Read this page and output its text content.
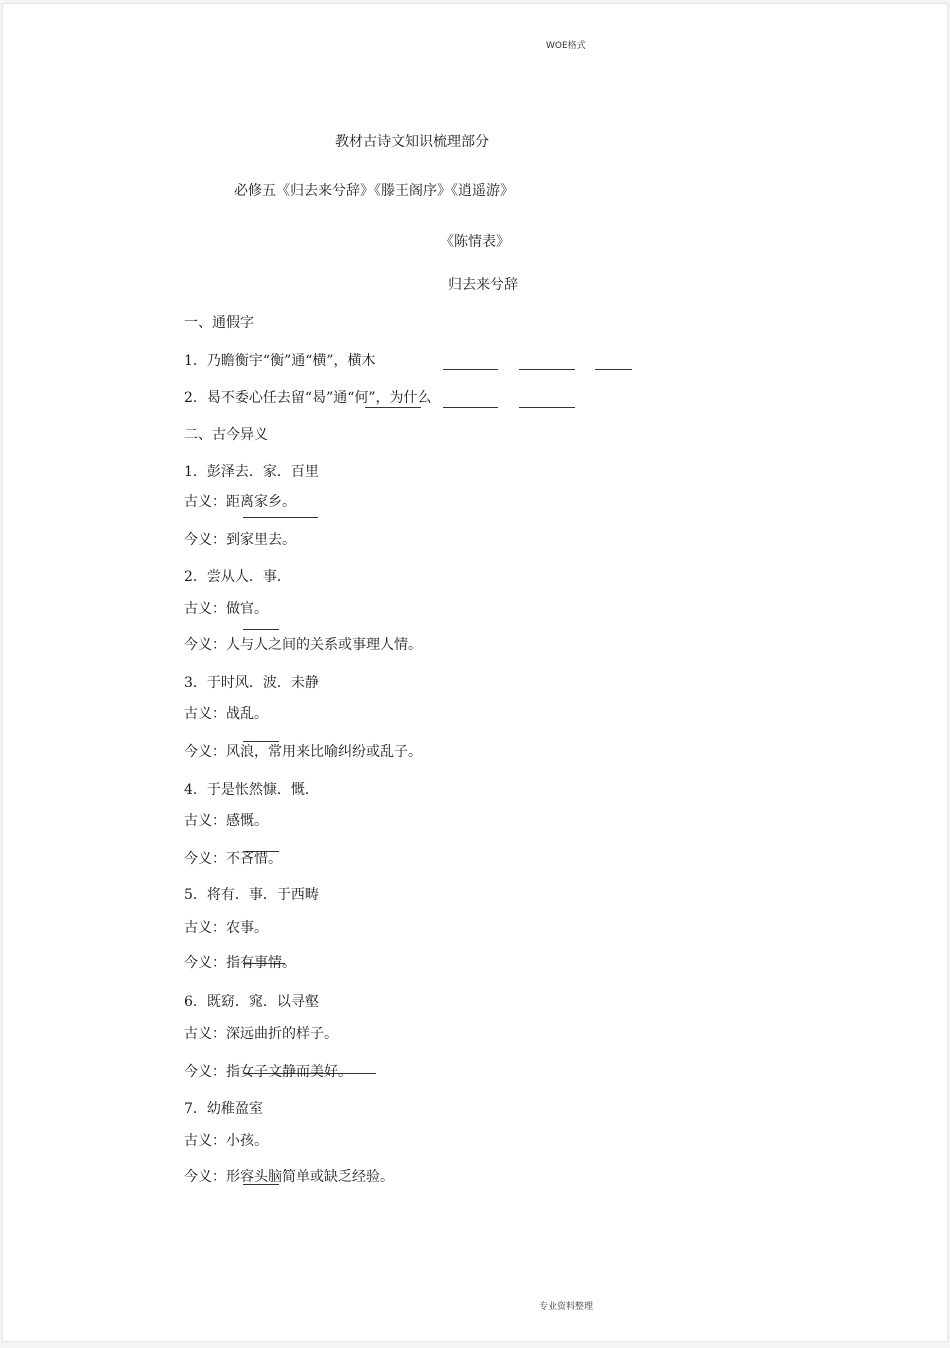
WOE格式
教材古诗文知识梳理部分
必修五《归去来兮辞》《滕王阁序》《逍遥游》
《陈情表》
归去来兮辞
一、通假字
1．乃瞻衡宇“衡”通“横”，横木
2．曷不委心任去留“曷”通“何”，为什么
二、古今异义
1．彭泽去．家．百里
古义：距离家乡。
今义：到家里去。
2．尝从人．事．
古义：做官。
今义：人与人之间的关系或事理人情。
3．于时风．波．未静
古义：战乱。
今义：风浪，常用来比喻纠纷或乱子。
4．于是怅然慷．慨．
古义：感慨。
今义：不吝惜。
5．将有．事．于西畴
古义：农事。
今义：指有事情。
6．既窈．窕．以寻壑
古义：深远曲折的样子。
今义：指女子文静而美好。
7．幼稚盈室
古义：小孩。
今义：形容头脑简单或缺乏经验。
专业资料整理
